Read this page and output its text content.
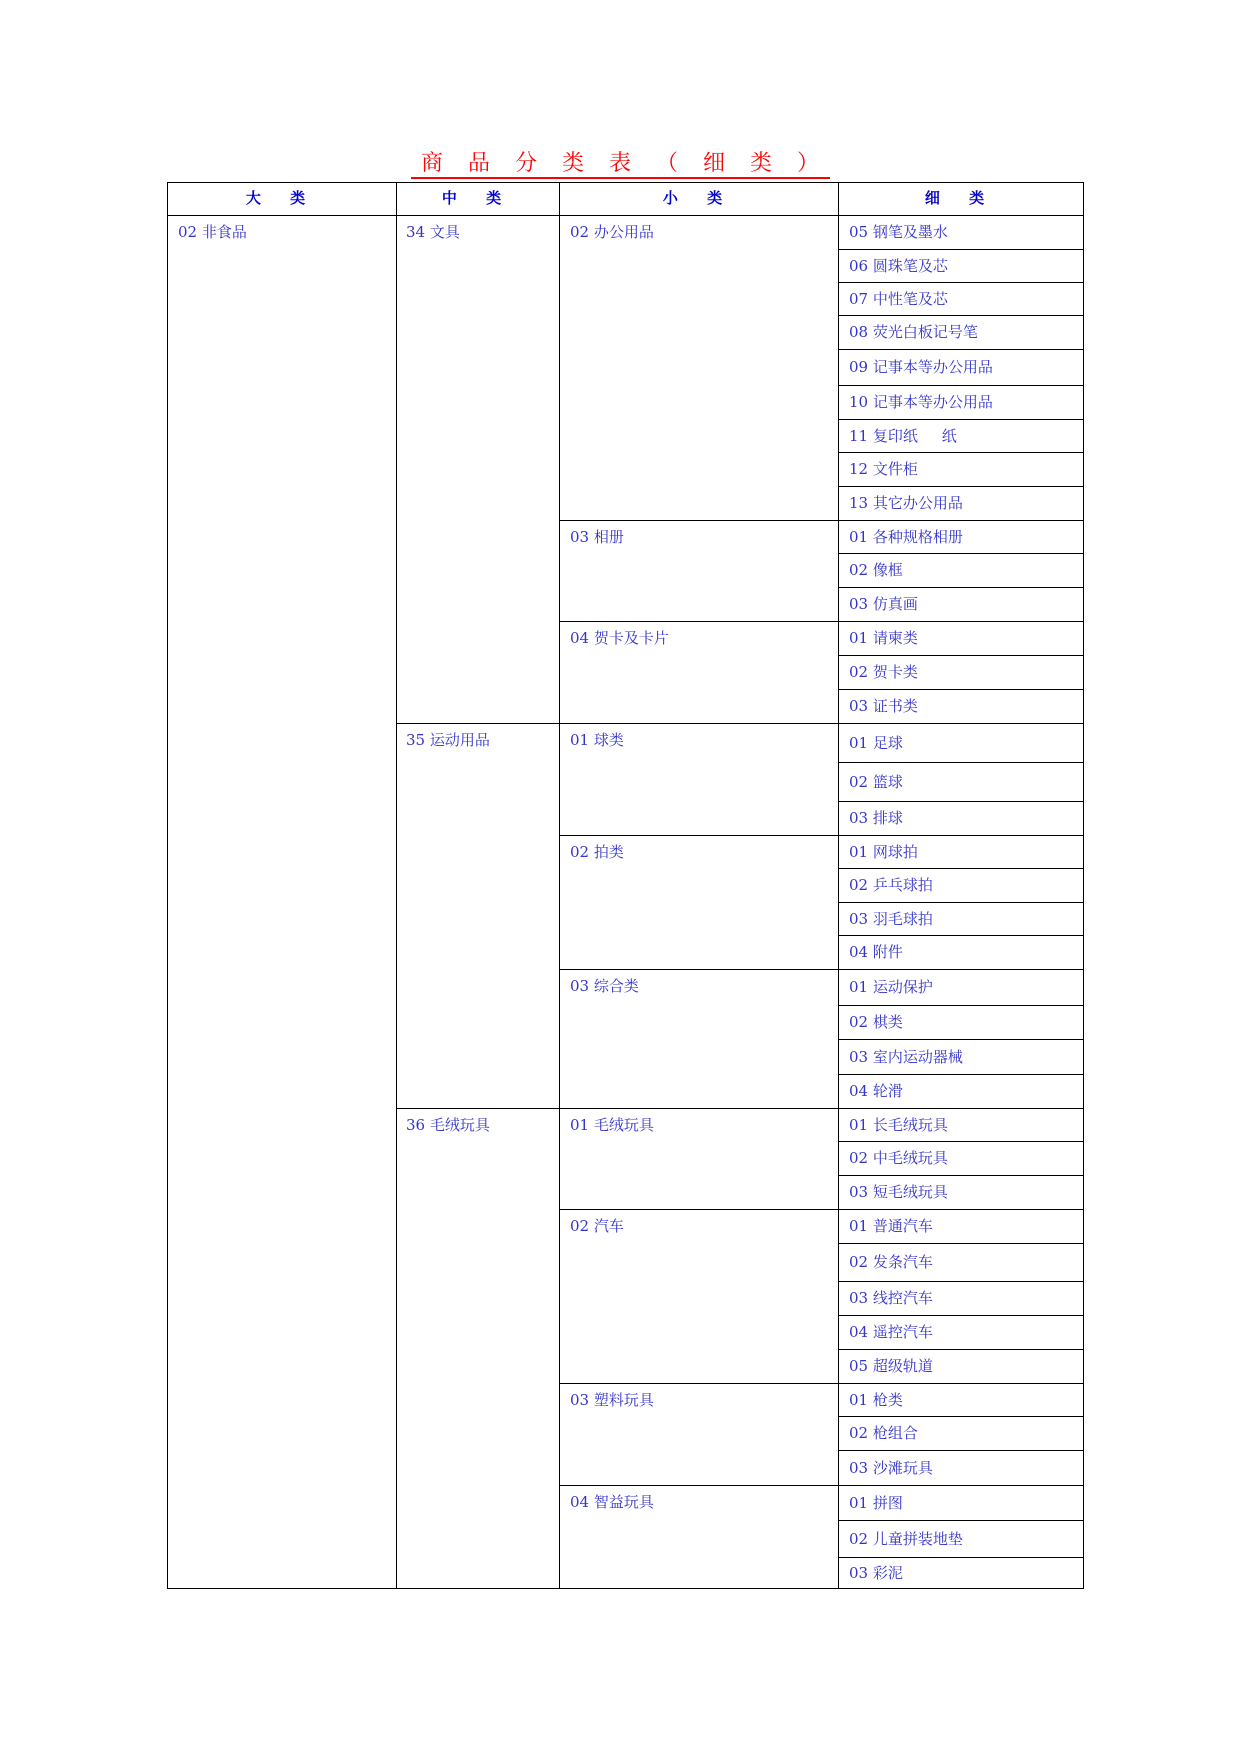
商 品 分 类 表 （ 细 类 ）
大 类	中 类	小 类	细 类
02 非食品	34 文具	02 办公用品	05 钢笔及墨水
06 圆珠笔及芯
07 中性笔及芯
08 荧光白板记号笔
09 记事本等办公用品
10 记事本等办公用品
11 复印纸     纸
12 文件柜
13 其它办公用品
03 相册	01 各种规格相册
02 像框
03 仿真画
04 贺卡及卡片	01 请柬类
02 贺卡类
03 证书类
35 运动用品	01 球类	01 足球
02 篮球
03 排球
02 拍类	01 网球拍
02 乒乓球拍
03 羽毛球拍
04 附件
03 综合类	01 运动保护
02 棋类
03 室内运动器械
04 轮滑
36 毛绒玩具	01 毛绒玩具	01 长毛绒玩具
02 中毛绒玩具
03 短毛绒玩具
02 汽车	01 普通汽车
02 发条汽车
03 线控汽车
04 遥控汽车
05 超级轨道
03 塑料玩具	01 枪类
02 枪组合
03 沙滩玩具
04 智益玩具	01 拼图
02 儿童拼装地垫
03 彩泥
